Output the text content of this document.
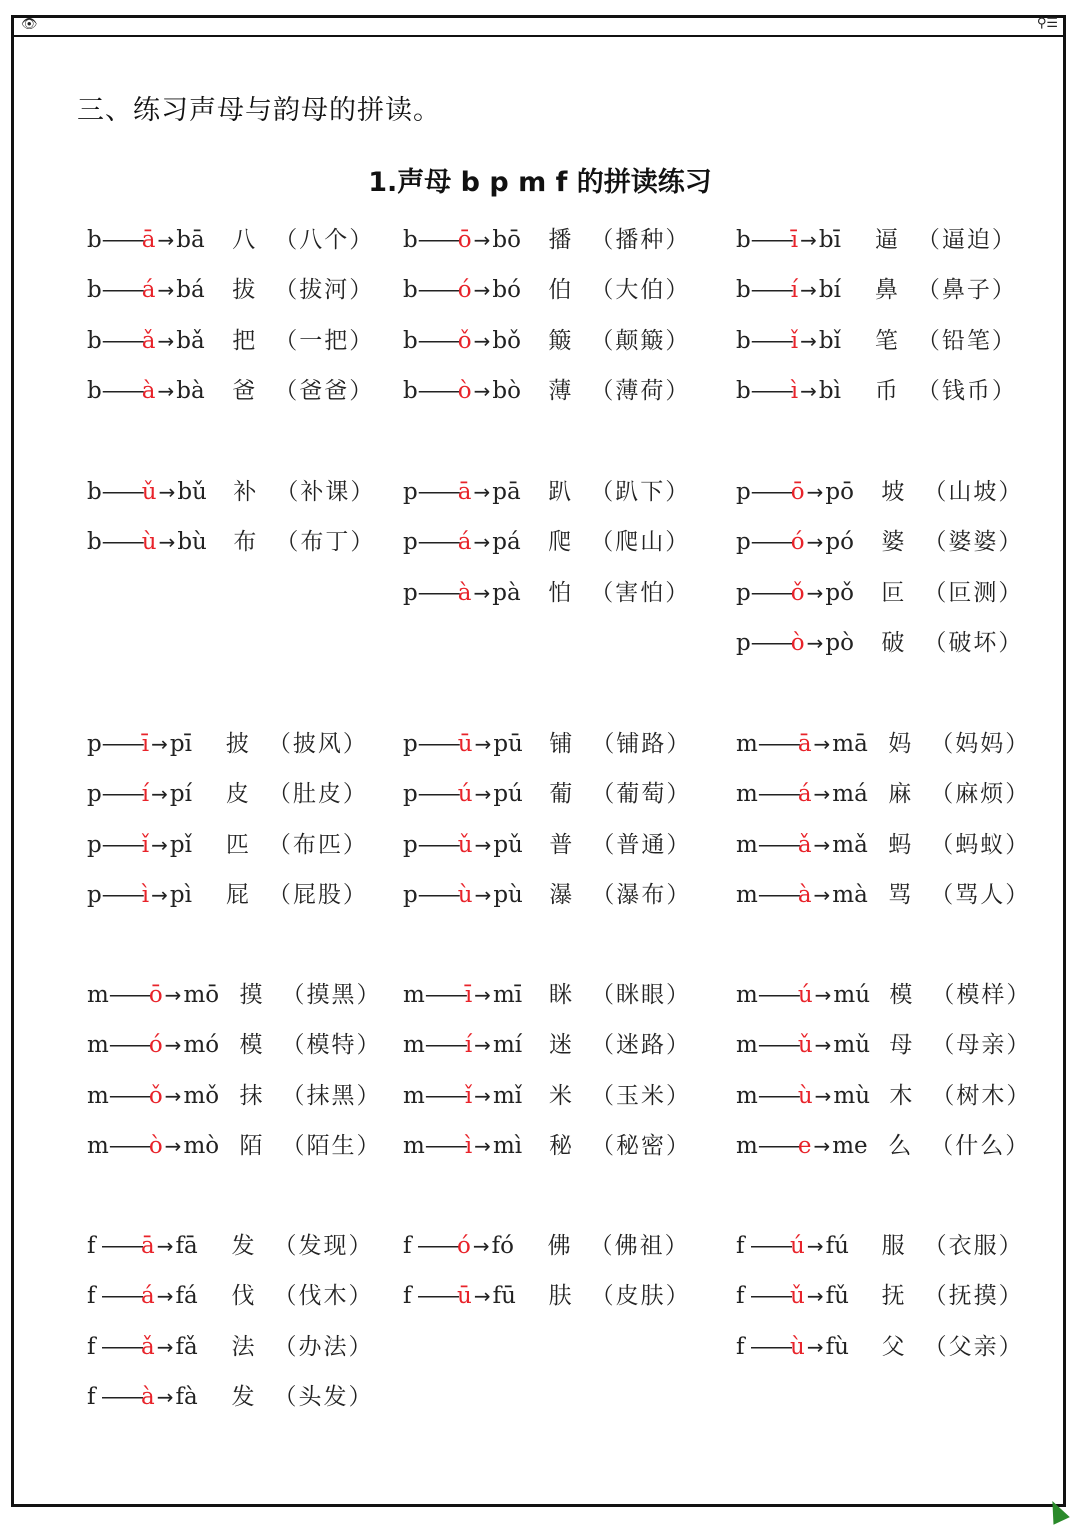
👁	⚲☰
三、练习声母与韵母的拼读。
1.声母 b p m f 的拼读练习
b——ā →bā 八 （八个）
b——á →bá 拔 （拔河）
b——ǎ →bǎ 把 （一把）
b——à →bà 爸 （爸爸）
b——ō →bō 播 （播种）
b——ó →bó 伯 （大伯）
b——ǒ →bǒ 簸 （颠簸）
b——ò →bò 薄 （薄荷）
b——ī →bī 逼 （逼迫）
b——í →bí 鼻 （鼻子）
b——ǐ →bǐ 笔 （铅笔）
b——ì →bì 币 （钱币）
b——ǔ →bǔ 补 （补课）
b——ù →bù 布 （布丁）
p——ā →pā 趴 （趴下）
p——á →pá 爬 （爬山）
p——à →pà 怕 （害怕）
p——ō →pō 坡 （山坡）
p——ó →pó 婆 （婆婆）
p——ǒ →pǒ 叵 （叵测）
p——ò →pò 破 （破坏）
p——ī →pī 披 （披风）
p——í →pí 皮 （肚皮）
p——ǐ →pǐ 匹 （布匹）
p——ì →pì 屁 （屁股）
p——ū →pū 铺 （铺路）
p——ú →pú 葡 （葡萄）
p——ǔ →pǔ 普 （普通）
p——ù →pù 瀑 （瀑布）
m——ā →mā 妈 （妈妈）
m——á →má 麻 （麻烦）
m——ǎ →mǎ 蚂 （蚂蚁）
m——à →mà 骂 （骂人）
m——ō →mō 摸 （摸黑）
m——ó →mó 模 （模特）
m——ǒ →mǒ 抹 （抹黑）
m——ò →mò 陌 （陌生）
m——ī →mī 眯 （眯眼）
m——í →mí 迷 （迷路）
m——ǐ →mǐ 米 （玉米）
m——ì →mì 秘 （秘密）
m——ú →mú 模 （模样）
m——ǔ →mǔ 母 （母亲）
m——ù →mù 木 （树木）
m——e →me 么 （什么）
f ——ā →fā 发 （发现）
f ——á →fá 伐 （伐木）
f ——ǎ →fǎ 法 （办法）
f ——à →fà 发 （头发）
f ——ó →fó 佛 （佛祖）
f ——ū →fū 肤 （皮肤）
f ——ú →fú 服 （衣服）
f ——ǔ →fǔ 抚 （抚摸）
f ——ù →fù 父 （父亲）
